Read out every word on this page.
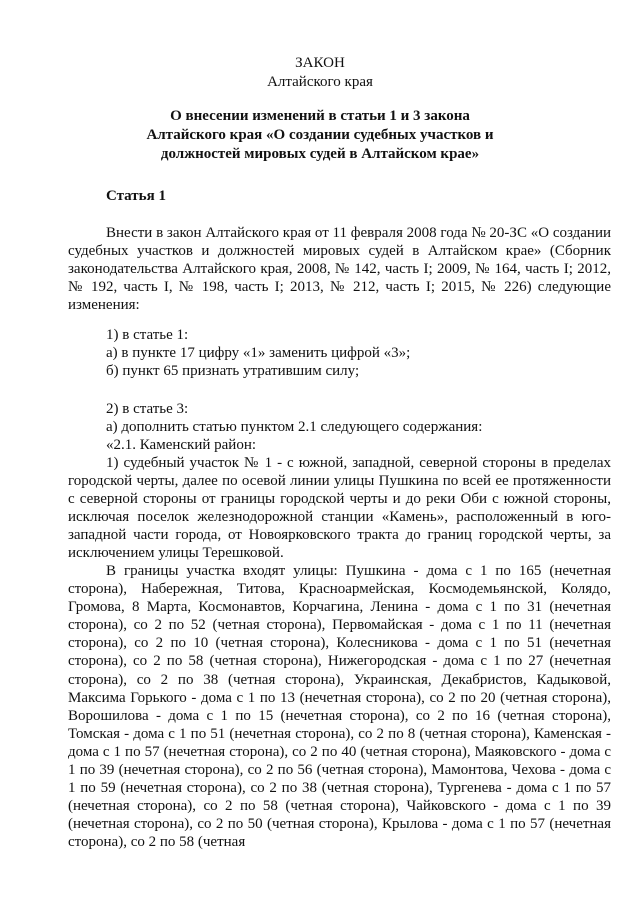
ЗАКОН
Алтайского края
О внесении изменений в статьи 1 и 3 закона
Алтайского края «О создании судебных участков и
должностей мировых судей в Алтайском крае»
Статья 1
Внести в закон Алтайского края от 11 февраля 2008 года № 20-ЗС «О создании судебных участков и должностей мировых судей в Алтайском крае» (Сборник законодательства Алтайского края, 2008, № 142, часть I; 2009, № 164, часть I; 2012, № 192, часть I, № 198, часть I; 2013, № 212, часть I; 2015, № 226) следующие изменения:
1) в статье 1:
а) в пункте 17 цифру «1» заменить цифрой «3»;
б) пункт 65 признать утратившим силу;
2) в статье 3:
а) дополнить статью пунктом 2.1 следующего содержания:
«2.1. Каменский район:
1) судебный участок № 1 - с южной, западной, северной стороны в пределах городской черты, далее по осевой линии улицы Пушкина по всей ее протяженности с северной стороны от границы городской черты и до реки Оби с южной стороны, исключая поселок железнодорожной станции «Камень», расположенный в юго-западной части города, от Новоярковского тракта до границ городской черты, за исключением улицы Терешковой.
В границы участка входят улицы: Пушкина - дома с 1 по 165 (нечетная сторона), Набережная, Титова, Красноармейская, Космодемьянской, Колядо, Громова, 8 Марта, Космонавтов, Корчагина, Ленина - дома с 1 по 31 (нечетная сторона), со 2 по 52 (четная сторона), Первомайская - дома с 1 по 11 (нечетная сторона), со 2 по 10 (четная сторона), Колесникова - дома с 1 по 51 (нечетная сторона), со 2 по 58 (четная сторона), Нижегородская - дома с 1 по 27 (нечетная сторона), со 2 по 38 (четная сторона), Украинская, Декабристов, Кадыковой, Максима Горького - дома с 1 по 13 (нечетная сторона), со 2 по 20 (четная сторона), Ворошилова - дома с 1 по 15 (нечетная сторона), со 2 по 16 (четная сторона), Томская - дома с 1 по 51 (нечетная сторона), со 2 по 8 (четная сторона), Каменская - дома с 1 по 57 (нечетная сторона), со 2 по 40 (четная сторона), Маяковского - дома с 1 по 39 (нечетная сторона), со 2 по 56 (четная сторона), Мамонтова, Чехова - дома с 1 по 59 (нечетная сторона), со 2 по 38 (четная сторона), Тургенева - дома с 1 по 57 (нечетная сторона), со 2 по 58 (четная сторона), Чайковского - дома с 1 по 39 (нечетная сторона), со 2 по 50 (четная сторона), Крылова - дома с 1 по 57 (нечетная сторона), со 2 по 58 (четная
